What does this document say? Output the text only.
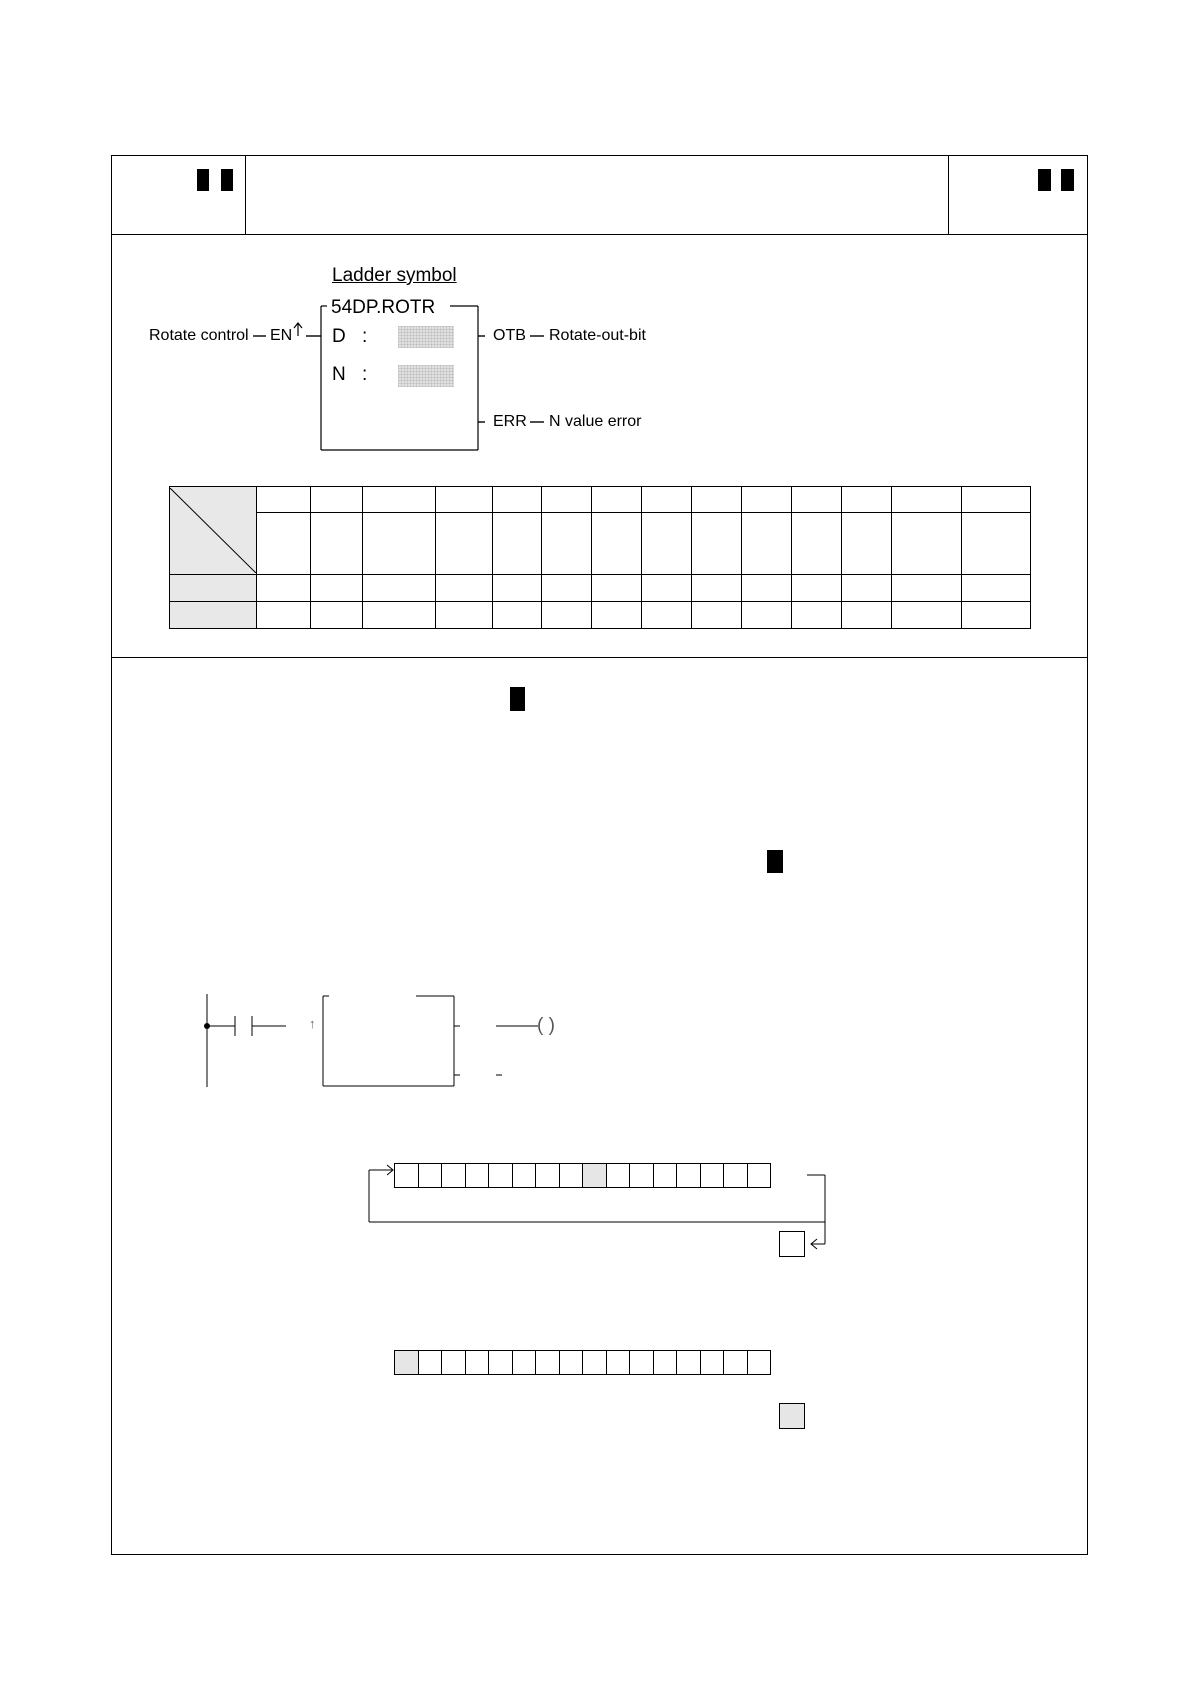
Ladder symbol
54DP.ROTR
Rotate control EN D :
N :
OTB Rotate-out-bit
ERR N value error

↑	( )
